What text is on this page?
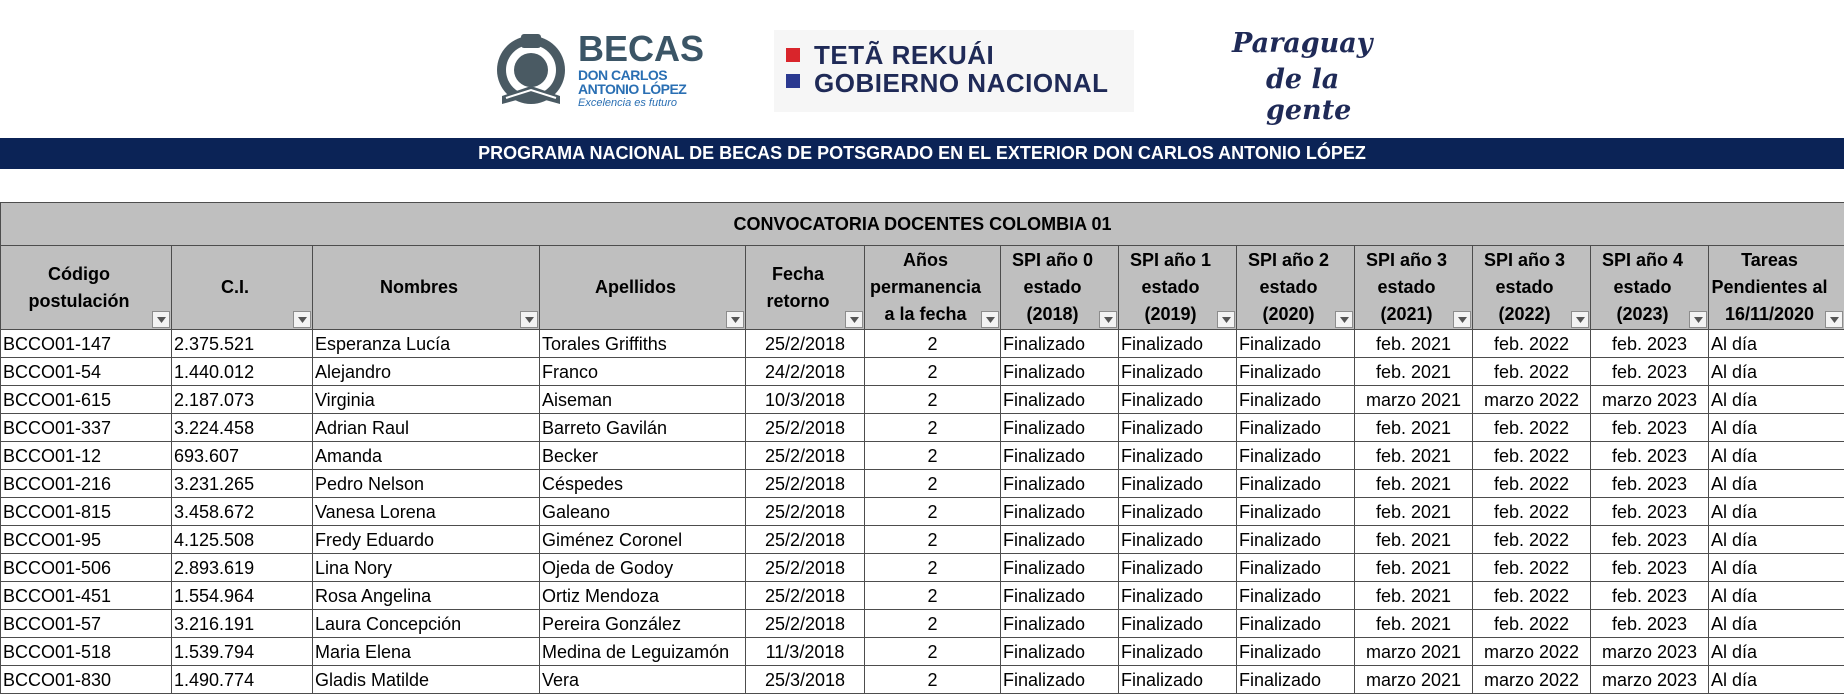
BECAS
DON CARLOS
ANTONIO LÓPEZ
Excelencia es futuro
TETÃ REKUÁI
GOBIERNO NACIONAL
Paraguay
de la gente
PROGRAMA NACIONAL DE BECAS DE POTSGRADO EN EL EXTERIOR DON CARLOS ANTONIO LÓPEZ
CONVOCATORIA DOCENTES COLOMBIA 01												

Código postulación	C.I.	Nombres	Apellidos	Fecha retorno	Años permanencia a la fecha	SPI año 0 estado (2018)	SPI año 1 estado (2019)	SPI año 2 estado (2020)	SPI año 3 estado (2021)	SPI año 3 estado (2022)	SPI año 4 estado (2023)	Tareas Pendientes al 16/11/2020

BCCO01-147	2.375.521	Esperanza Lucía	Torales Griffiths	25/2/2018	2	Finalizado	Finalizado	Finalizado	feb. 2021	feb. 2022	feb. 2023	Al día
BCCO01-54	1.440.012	Alejandro	Franco	24/2/2018	2	Finalizado	Finalizado	Finalizado	feb. 2021	feb. 2022	feb. 2023	Al día
BCCO01-615	2.187.073	Virginia	Aiseman	10/3/2018	2	Finalizado	Finalizado	Finalizado	marzo 2021	marzo 2022	marzo 2023	Al día
BCCO01-337	3.224.458	Adrian Raul	Barreto Gavilán	25/2/2018	2	Finalizado	Finalizado	Finalizado	feb. 2021	feb. 2022	feb. 2023	Al día
BCCO01-12	693.607	Amanda	Becker	25/2/2018	2	Finalizado	Finalizado	Finalizado	feb. 2021	feb. 2022	feb. 2023	Al día
BCCO01-216	3.231.265	Pedro Nelson	Céspedes	25/2/2018	2	Finalizado	Finalizado	Finalizado	feb. 2021	feb. 2022	feb. 2023	Al día
BCCO01-815	3.458.672	Vanesa Lorena	Galeano	25/2/2018	2	Finalizado	Finalizado	Finalizado	feb. 2021	feb. 2022	feb. 2023	Al día
BCCO01-95	4.125.508	Fredy Eduardo	Giménez Coronel	25/2/2018	2	Finalizado	Finalizado	Finalizado	feb. 2021	feb. 2022	feb. 2023	Al día
BCCO01-506	2.893.619	Lina Nory	Ojeda de Godoy	25/2/2018	2	Finalizado	Finalizado	Finalizado	feb. 2021	feb. 2022	feb. 2023	Al día
BCCO01-451	1.554.964	Rosa Angelina	Ortiz Mendoza	25/2/2018	2	Finalizado	Finalizado	Finalizado	feb. 2021	feb. 2022	feb. 2023	Al día
BCCO01-57	3.216.191	Laura Concepción	Pereira González	25/2/2018	2	Finalizado	Finalizado	Finalizado	feb. 2021	feb. 2022	feb. 2023	Al día
BCCO01-518	1.539.794	Maria Elena	Medina de Leguizamón	11/3/2018	2	Finalizado	Finalizado	Finalizado	marzo 2021	marzo 2022	marzo 2023	Al día
BCCO01-830	1.490.774	Gladis Matilde	Vera	25/3/2018	2	Finalizado	Finalizado	Finalizado	marzo 2021	marzo 2022	marzo 2023	Al día
